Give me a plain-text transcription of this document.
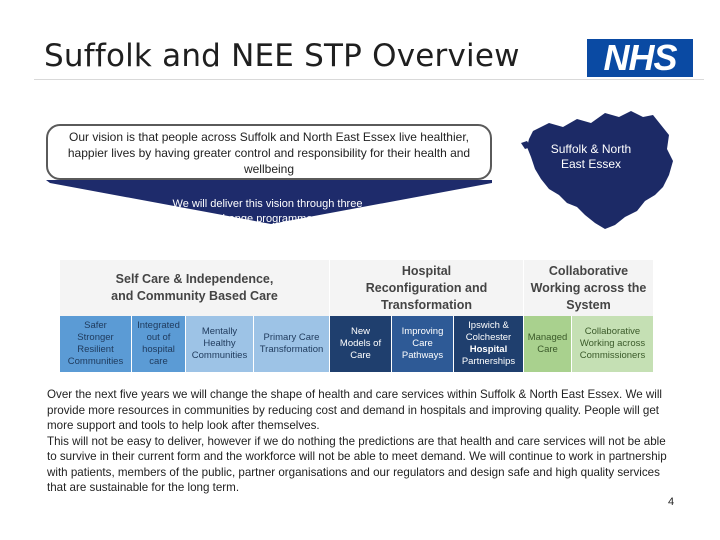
Suffolk and NEE STP Overview	NHS
Suffolk & North
East Essex
Our vision is that people across Suffolk and North East Essex live healthier, happier lives by having greater control and responsibility for their health and wellbeing
We will deliver this vision through three
change programmes
Self Care & Independence,
and Community Based Care
Hospital
Reconfiguration and
Transformation
Collaborative
Working across the
System
Safer
Stronger
Resilient
Communities
Integrated
out of
hospital
care
Mentally
Healthy
Communities
Primary Care
Transformation
New
Models of
Care
Improving
Care
Pathways
Ipswich &
Colchester
Hospital
Partnerships
Managed
Care
Collaborative
Working across
Commissioners

Over the next five years we will change the shape of health and care services within Suffolk & North East Essex. We will provide more resources in communities by reducing cost and demand in hospitals and improving quality. People will get more support and tools to help look after themselves.

This will not be easy to deliver, however if we do nothing the predictions are that health and care services will not be able to survive in their current form and the workforce will not be able to meet demand. We will continue to work in partnership with patients, members of the public, partner organisations and our regulators and design safe and high quality services that are sustainable for the long term.

4
